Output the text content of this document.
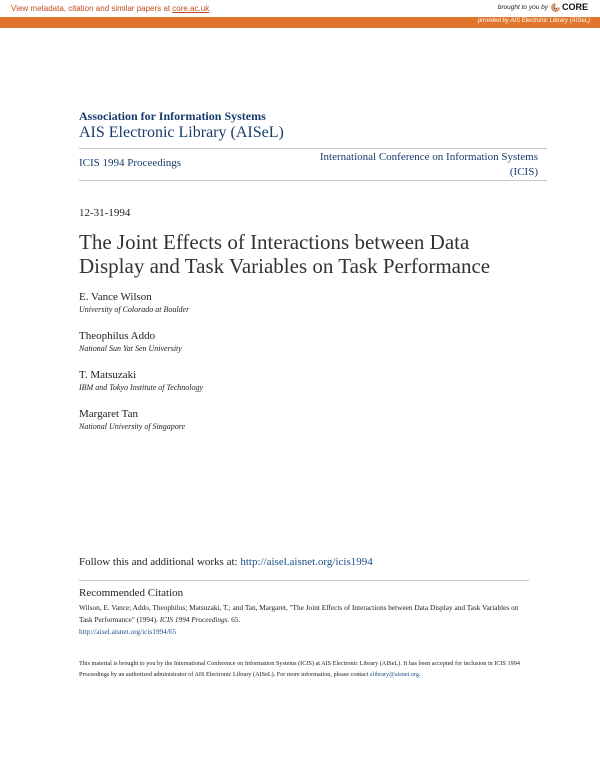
View metadata, citation and similar papers at core.ac.uk	brought to you by CORE
provided by AIS Electronic Library (AISeL)
Association for Information Systems
AIS Electronic Library (AISeL)
ICIS 1994 Proceedings	International Conference on Information Systems (ICIS)
12-31-1994
The Joint Effects of Interactions between Data Display and Task Variables on Task Performance
E. Vance Wilson
University of Colorado at Boulder
Theophilus Addo
National Sun Yat Sen University
T. Matsuzaki
IBM and Tokyo Institute of Technology
Margaret Tan
National University of Singapore
Follow this and additional works at: http://aisel.aisnet.org/icis1994
Recommended Citation
Wilson, E. Vance; Addo, Theophilus; Matsuzaki, T.; and Tan, Margaret, "The Joint Effects of Interactions between Data Display and Task Variables on Task Performance" (1994). ICIS 1994 Proceedings. 65.
http://aisel.aisnet.org/icis1994/65
This material is brought to you by the International Conference on Information Systems (ICIS) at AIS Electronic Library (AISeL). It has been accepted for inclusion in ICIS 1994 Proceedings by an authorized administrator of AIS Electronic Library (AISeL). For more information, please contact elibrary@aisnet.org.
